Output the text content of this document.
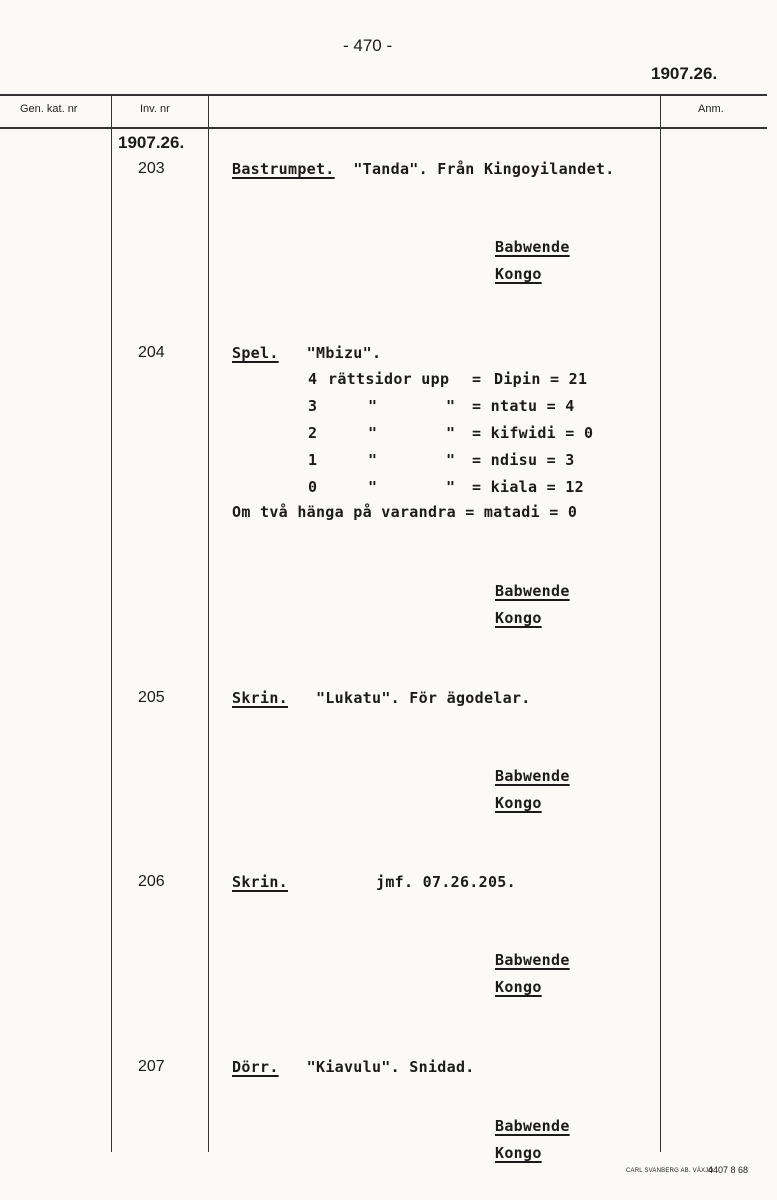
- 470 -
1907.26.
Gen. kat. nr	Inv. nr	Anm.
1907.26.
203	Bastrumpet. "Tanda". Från Kingoyilandet.
Babwende
Kongo
204	Spel. "Mbizu".
4 rättsidor upp = Dipin = 21
3	"	" = ntatu = 4
2	"	" = kifwidi = 0
1	"	" = ndisu = 3
0	"	" = kiala = 12
Om två hänga på varandra = matadi = 0
Babwende
Kongo
205	Skrin. "Lukatu". För ägodelar.
Babwende
Kongo
206	Skrin.	jmf. 07.26.205.
Babwende
Kongo
207	Dörr. "Kiavulu". Snidad.
Babwende
Kongo
CARL SVANBERG AB. VÄXJÖ
4407 8 68
